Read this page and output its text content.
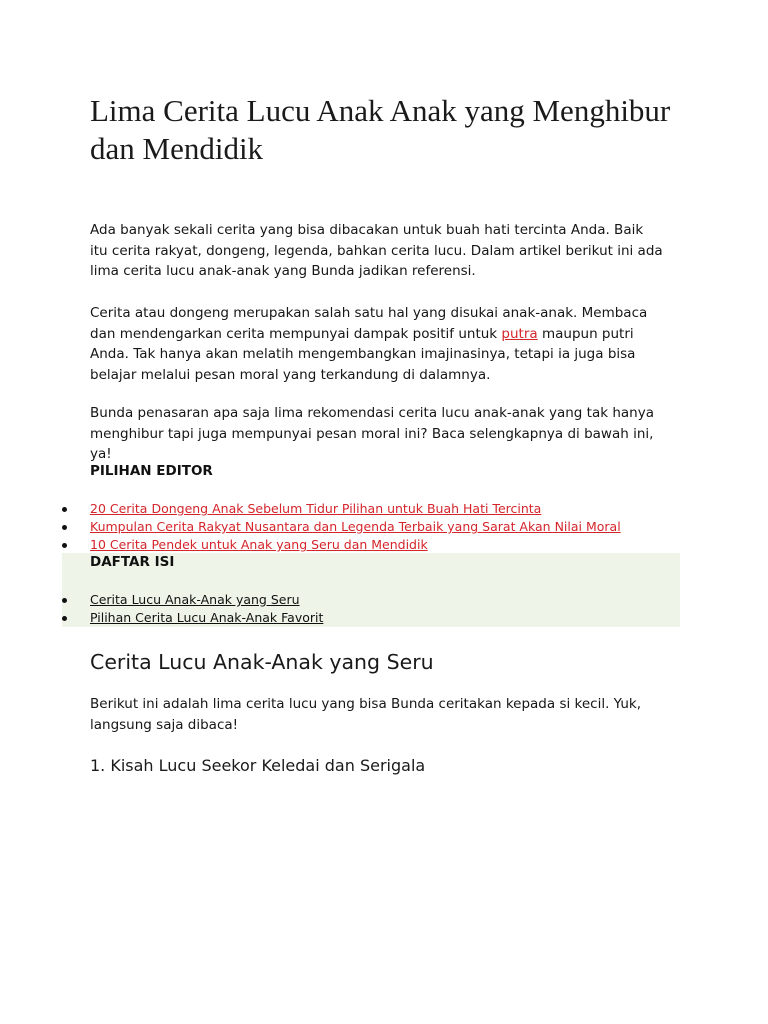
Lima Cerita Lucu Anak Anak yang Menghibur dan Mendidik

Ada banyak sekali cerita yang bisa dibacakan untuk buah hati tercinta Anda. Baik itu cerita rakyat, dongeng, legenda, bahkan cerita lucu. Dalam artikel berikut ini ada lima cerita lucu anak-anak yang Bunda jadikan referensi.

Cerita atau dongeng merupakan salah satu hal yang disukai anak-anak. Membaca dan mendengarkan cerita mempunyai dampak positif untuk putra maupun putri Anda. Tak hanya akan melatih mengembangkan imajinasinya, tetapi ia juga bisa belajar melalui pesan moral yang terkandung di dalamnya.

Bunda penasaran apa saja lima rekomendasi cerita lucu anak-anak yang tak hanya menghibur tapi juga mempunyai pesan moral ini? Baca selengkapnya di bawah ini, ya!

PILIHAN EDITOR

20 Cerita Dongeng Anak Sebelum Tidur Pilihan untuk Buah Hati Tercinta
Kumpulan Cerita Rakyat Nusantara dan Legenda Terbaik yang Sarat Akan Nilai Moral
10 Cerita Pendek untuk Anak yang Seru dan Mendidik

DAFTAR ISI

Cerita Lucu Anak-Anak yang Seru
Pilihan Cerita Lucu Anak-Anak Favorit
Cerita Lucu Anak-Anak yang Seru

Berikut ini adalah lima cerita lucu yang bisa Bunda ceritakan kepada si kecil. Yuk, langsung saja dibaca!

1. Kisah Lucu Seekor Keledai dan Serigala
